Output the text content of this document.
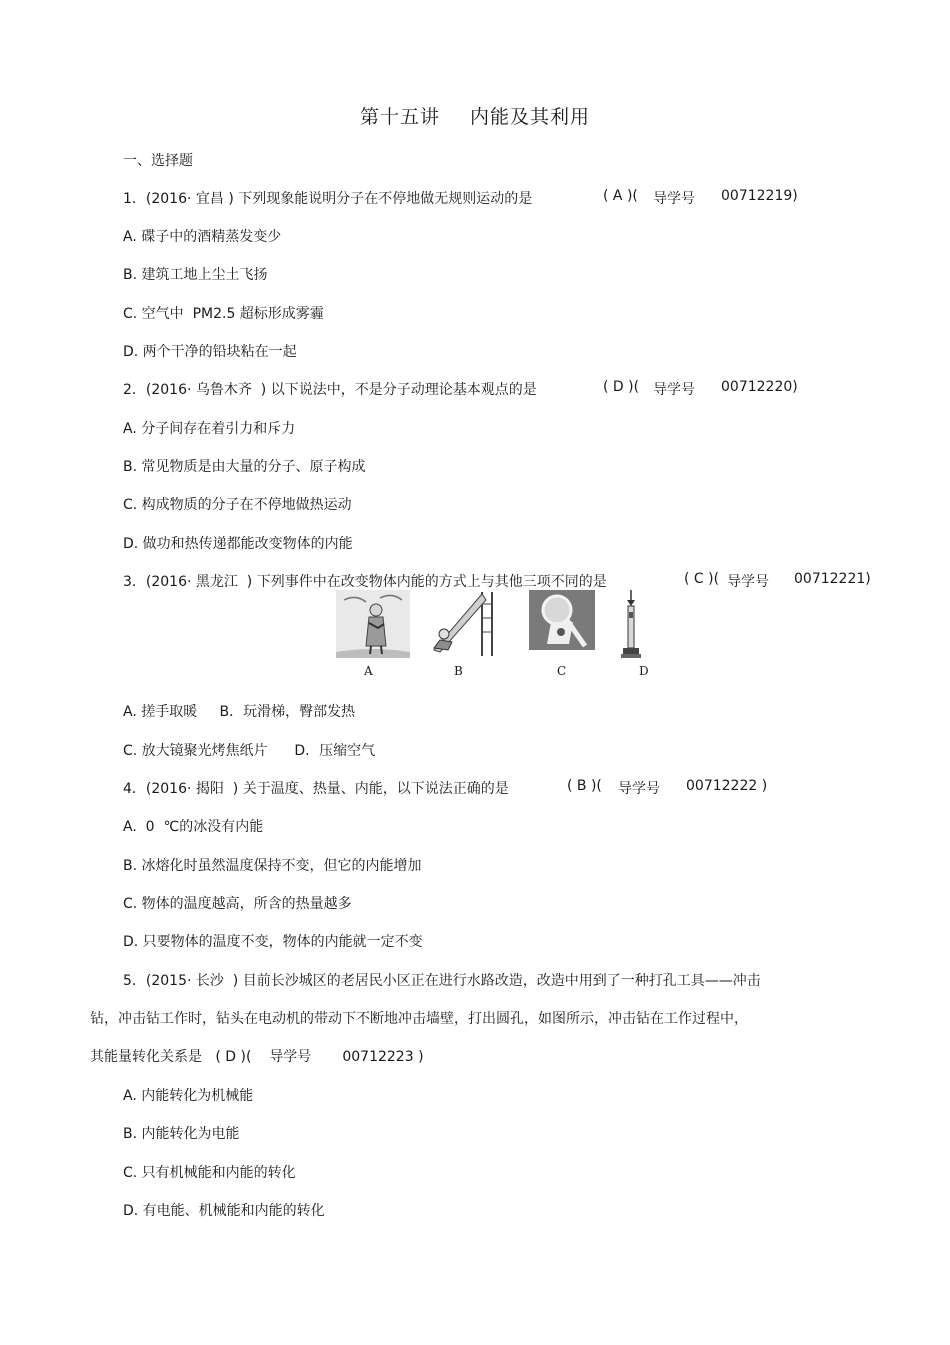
第十五讲 内能及其利用
一、选择题
1．(2016· 宜昌 ) 下列现象能说明分子在不停地做无规则运动的是	( A )( 导学号 00712219)
A. 碟子中的酒精蒸发变少
B. 建筑工地上尘土飞扬
C. 空气中  PM2.5 超标形成雾霾
D. 两个干净的铅块粘在一起
2．(2016· 乌鲁木齐  ) 以下说法中，不是分子动理论基本观点的是	( D )( 导学号 00712220)
A. 分子间存在着引力和斥力
B. 常见物质是由大量的分子、原子构成
C. 构成物质的分子在不停地做热运动
D. 做功和热传递都能改变物体的内能
3．(2016· 黑龙江  ) 下列事件中在改变物体内能的方式上与其他三项不同的是	( C )( 导学号 00712221)
A	B	C	D
A. 搓手取暖     B．玩滑梯，臀部发热
C. 放大镜聚光烤焦纸片      D．压缩空气
4．(2016· 揭阳  ) 关于温度、热量、内能，以下说法正确的是	( B )( 导学号 00712222 )
A.  0  ℃的冰没有内能
B. 冰熔化时虽然温度保持不变，但它的内能增加
C. 物体的温度越高，所含的热量越多
D. 只要物体的温度不变，物体的内能就一定不变
5．(2015· 长沙  ) 目前长沙城区的老居民小区正在进行水路改造，改造中用到了一种打孔工具——冲击
钻，冲击钻工作时，钻头在电动机的带动下不断地冲击墙壁，打出圆孔，如图所示，冲击钻在工作过程中，
其能量转化关系是   ( D )(    导学号       00712223 )
A. 内能转化为机械能
B. 内能转化为电能
C. 只有机械能和内能的转化
D. 有电能、机械能和内能的转化
